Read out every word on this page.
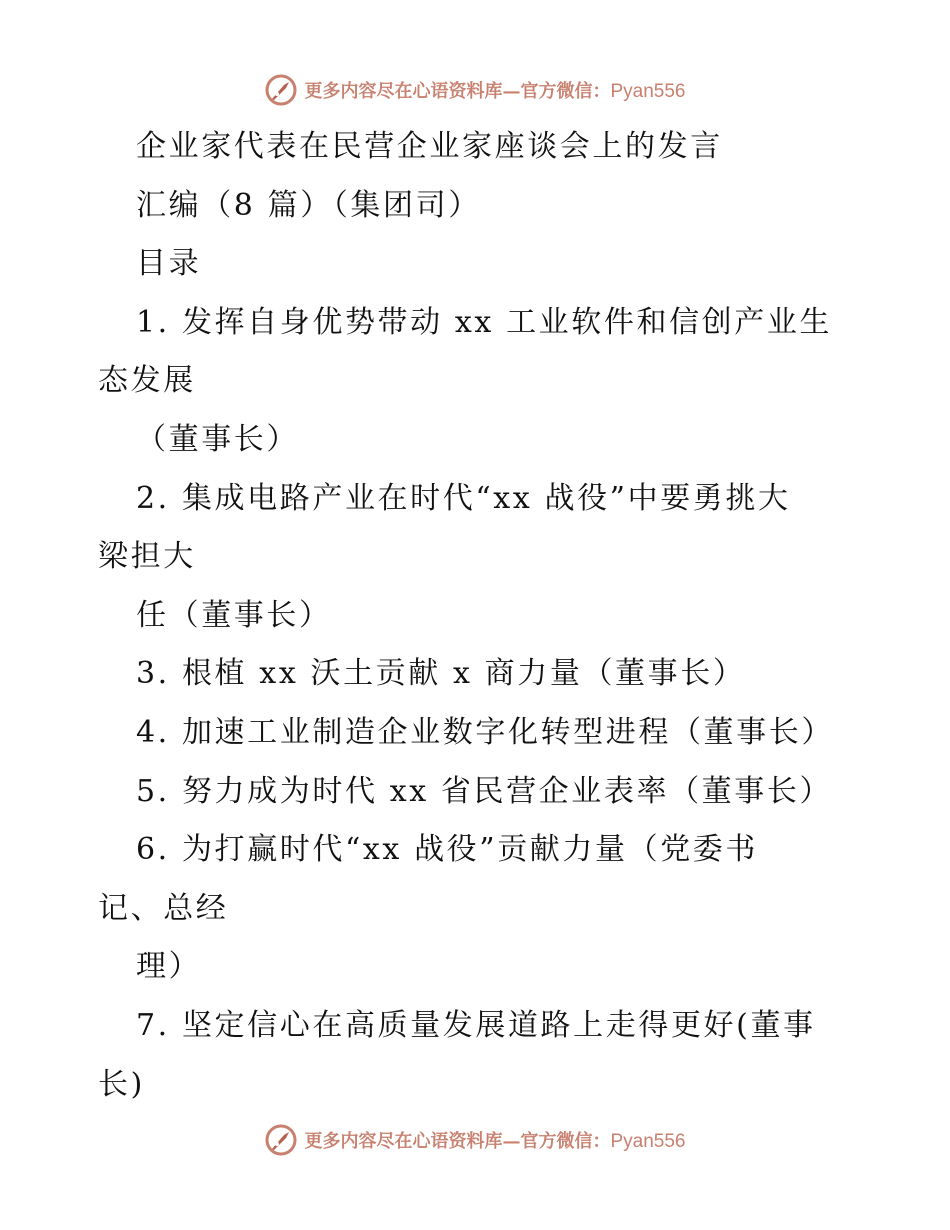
更多内容尽在心语资料库—官方微信：Pyan556
企业家代表在民营企业家座谈会上的发言
汇编（8 篇）（集团司）
目录
1. 发挥自身优势带动 xx 工业软件和信创产业生
态发展
（董事长）
2. 集成电路产业在时代“xx 战役”中要勇挑大
梁担大
任（董事长）
3. 根植 xx 沃土贡献 x 商力量（董事长）
4. 加速工业制造企业数字化转型进程（董事长）
5. 努力成为时代 xx 省民营企业表率（董事长）
6. 为打赢时代“xx 战役”贡献力量（党委书
记、总经
理）
7. 坚定信心在高质量发展道路上走得更好(董事
长)
更多内容尽在心语资料库—官方微信：Pyan556
